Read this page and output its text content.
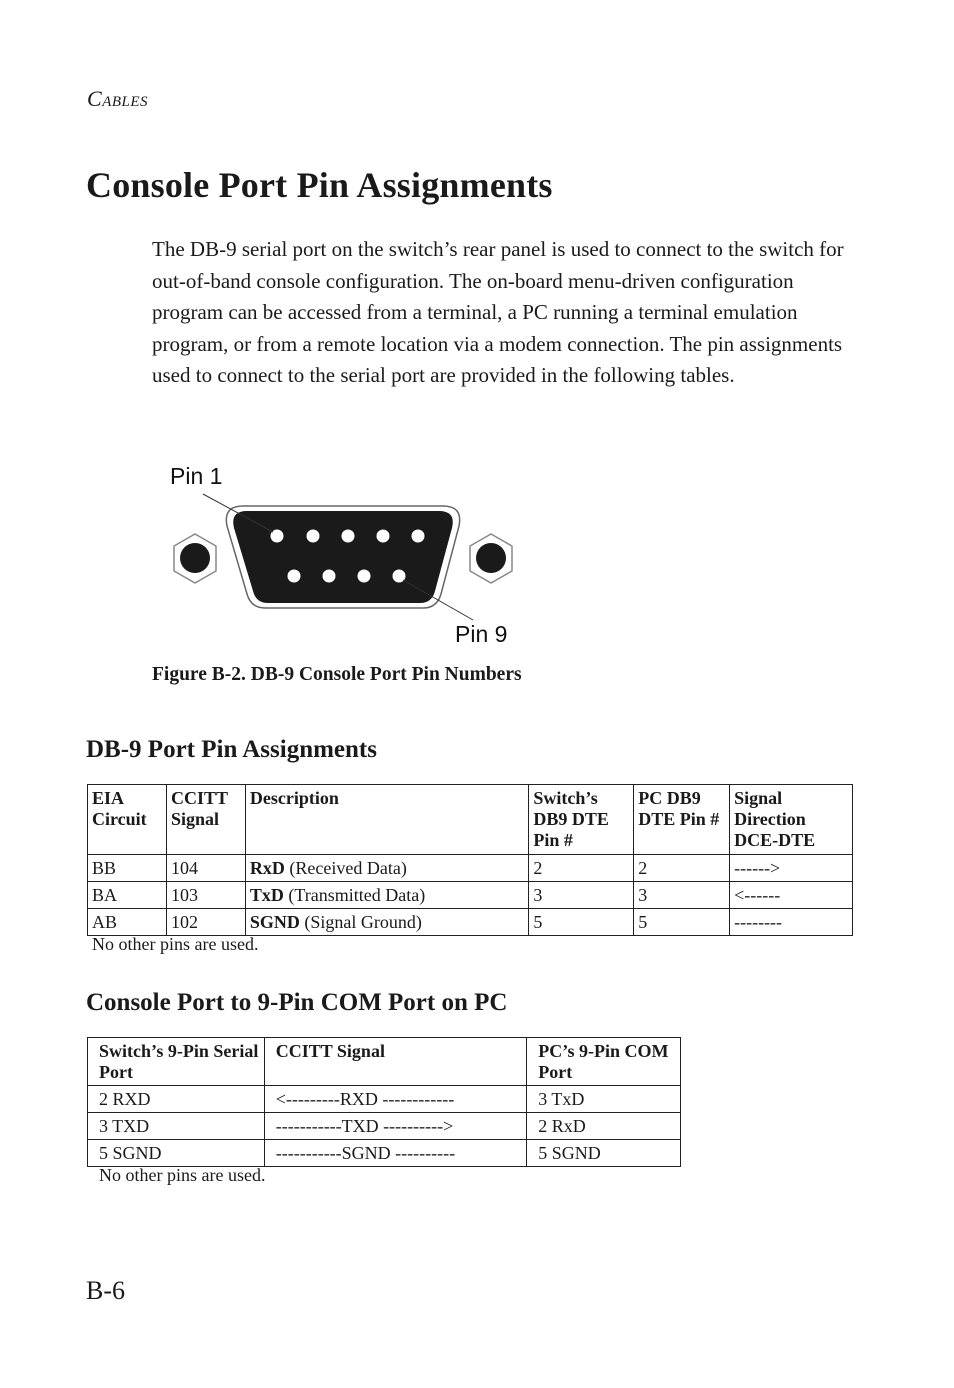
CABLES
Console Port Pin Assignments

The DB-9 serial port on the switch’s rear panel is used to connect to the switch for out-of-band console configuration. The on-board menu-driven configuration program can be accessed from a terminal, a PC running a terminal emulation program, or from a remote location via a modem connection. The pin assignments used to connect to the serial port are provided in the following tables.

Pin 1
Pin 9

Figure B-2. DB-9 Console Port Pin Numbers

DB-9 Port Pin Assignments
EIA Circuit	CCITT Signal	Description	Switch’s DB9 DTE Pin #	PC DB9 DTE Pin #	Signal Direction DCE-DTE
BB	104	RxD (Received Data)	2	2	------>
BA	103	TxD (Transmitted Data)	3	3	<------
AB	102	SGND (Signal Ground)	5	5	--------

No other pins are used.

Console Port to 9-Pin COM Port on PC
Switch’s 9-Pin Serial Port	CCITT Signal	PC’s 9-Pin COM Port
2 RXD	<---------RXD ------------	3 TxD
3 TXD	-----------TXD ---------->	2 RxD
5 SGND	-----------SGND ----------	5 SGND

No other pins are used.

B-6
